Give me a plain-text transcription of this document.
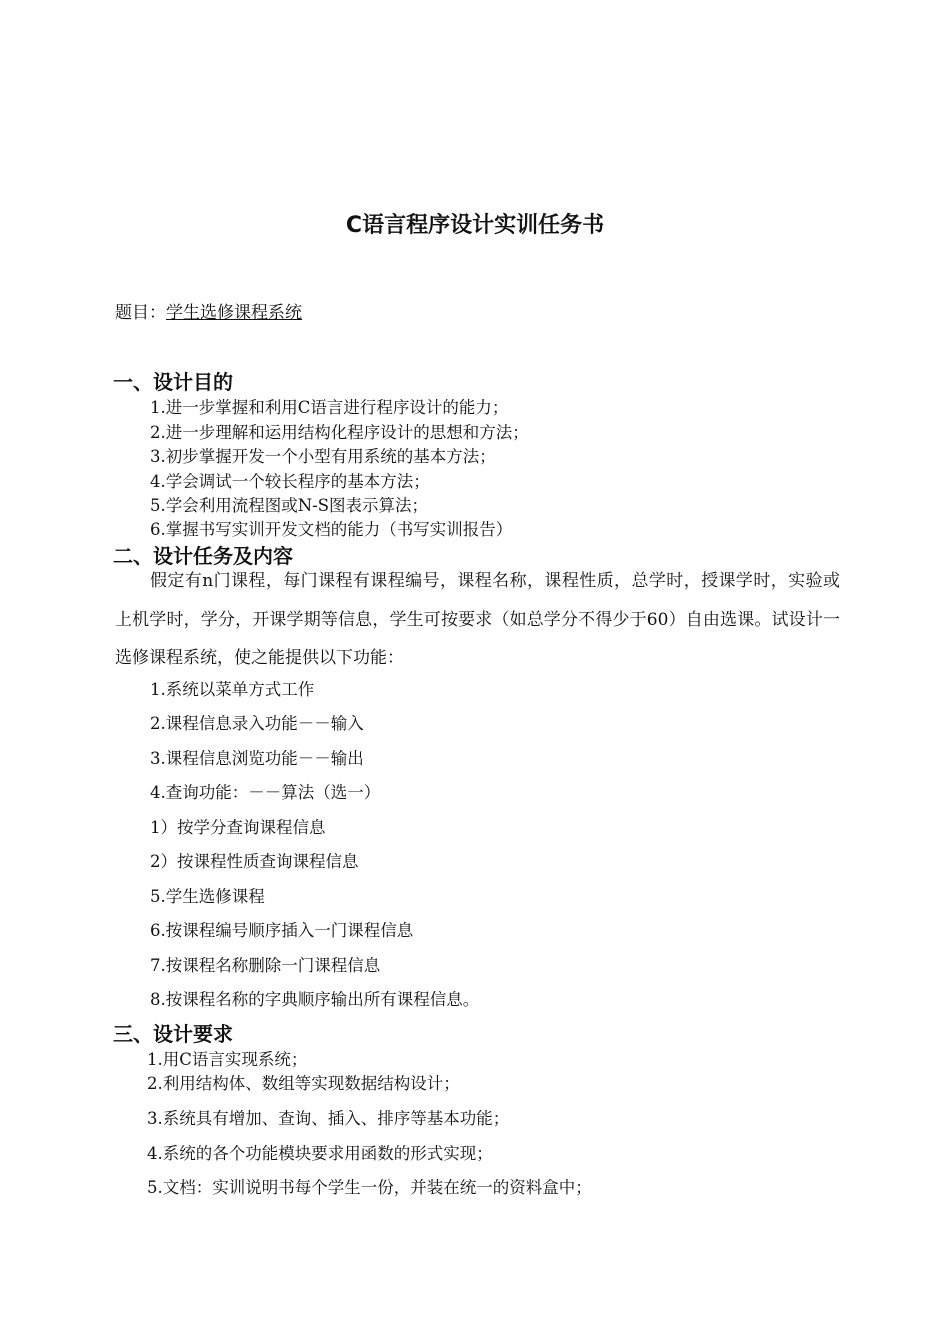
C语言程序设计实训任务书
题目：学生选修课程系统
一、设计目的
1.进一步掌握和利用C语言进行程序设计的能力；
2.进一步理解和运用结构化程序设计的思想和方法；
3.初步掌握开发一个小型有用系统的基本方法；
4.学会调试一个较长程序的基本方法；
5.学会利用流程图或N-S图表示算法；
6.掌握书写实训开发文档的能力（书写实训报告）
二、设计任务及内容

假定有n门课程，每门课程有课程编号，课程名称，课程性质，总学时，授课学时，实验或上机学时，学分，开课学期等信息，学生可按要求（如总学分不得少于60）自由选课。试设计一选修课程系统，使之能提供以下功能：

1.系统以菜单方式工作
2.课程信息录入功能－－输入
3.课程信息浏览功能－－输出
4.查询功能：－－算法（选一）
1）按学分查询课程信息
2）按课程性质查询课程信息
5.学生选修课程
6.按课程编号顺序插入一门课程信息
7.按课程名称删除一门课程信息
8.按课程名称的字典顺序输出所有课程信息。
三、设计要求
1.用C语言实现系统；
2.利用结构体、数组等实现数据结构设计；
3.系统具有增加、查询、插入、排序等基本功能；
4.系统的各个功能模块要求用函数的形式实现；
5.文档：实训说明书每个学生一份，并装在统一的资料盒中；
